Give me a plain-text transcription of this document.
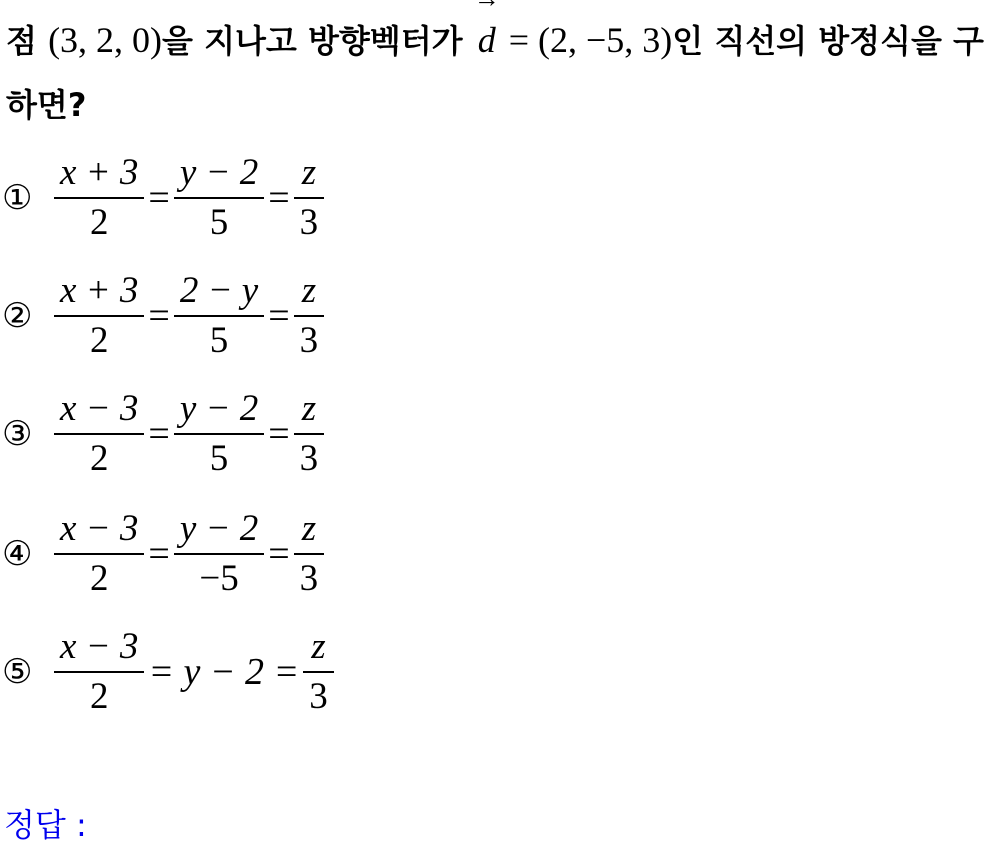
점 (3, 2, 0)을 지나고 방향벡터가
d = (2, −5, 3)인 직선의 방정식을 구하면?
① $\frac{x + 3}{2} = \frac{y - 2}{5} = \frac{z}{3}$
② $\frac{x + 3}{2} = \frac{2 - y}{5} = \frac{z}{3}$
③ $\frac{x - 3}{2} = \frac{y - 2}{5} = \frac{z}{3}$
④ $\frac{x - 3}{2} = \frac{y - 2}{-5} = \frac{z}{3}$
⑤ $\frac{x - 3}{2} = y - 2 = \frac{z}{3}$
정답 :
